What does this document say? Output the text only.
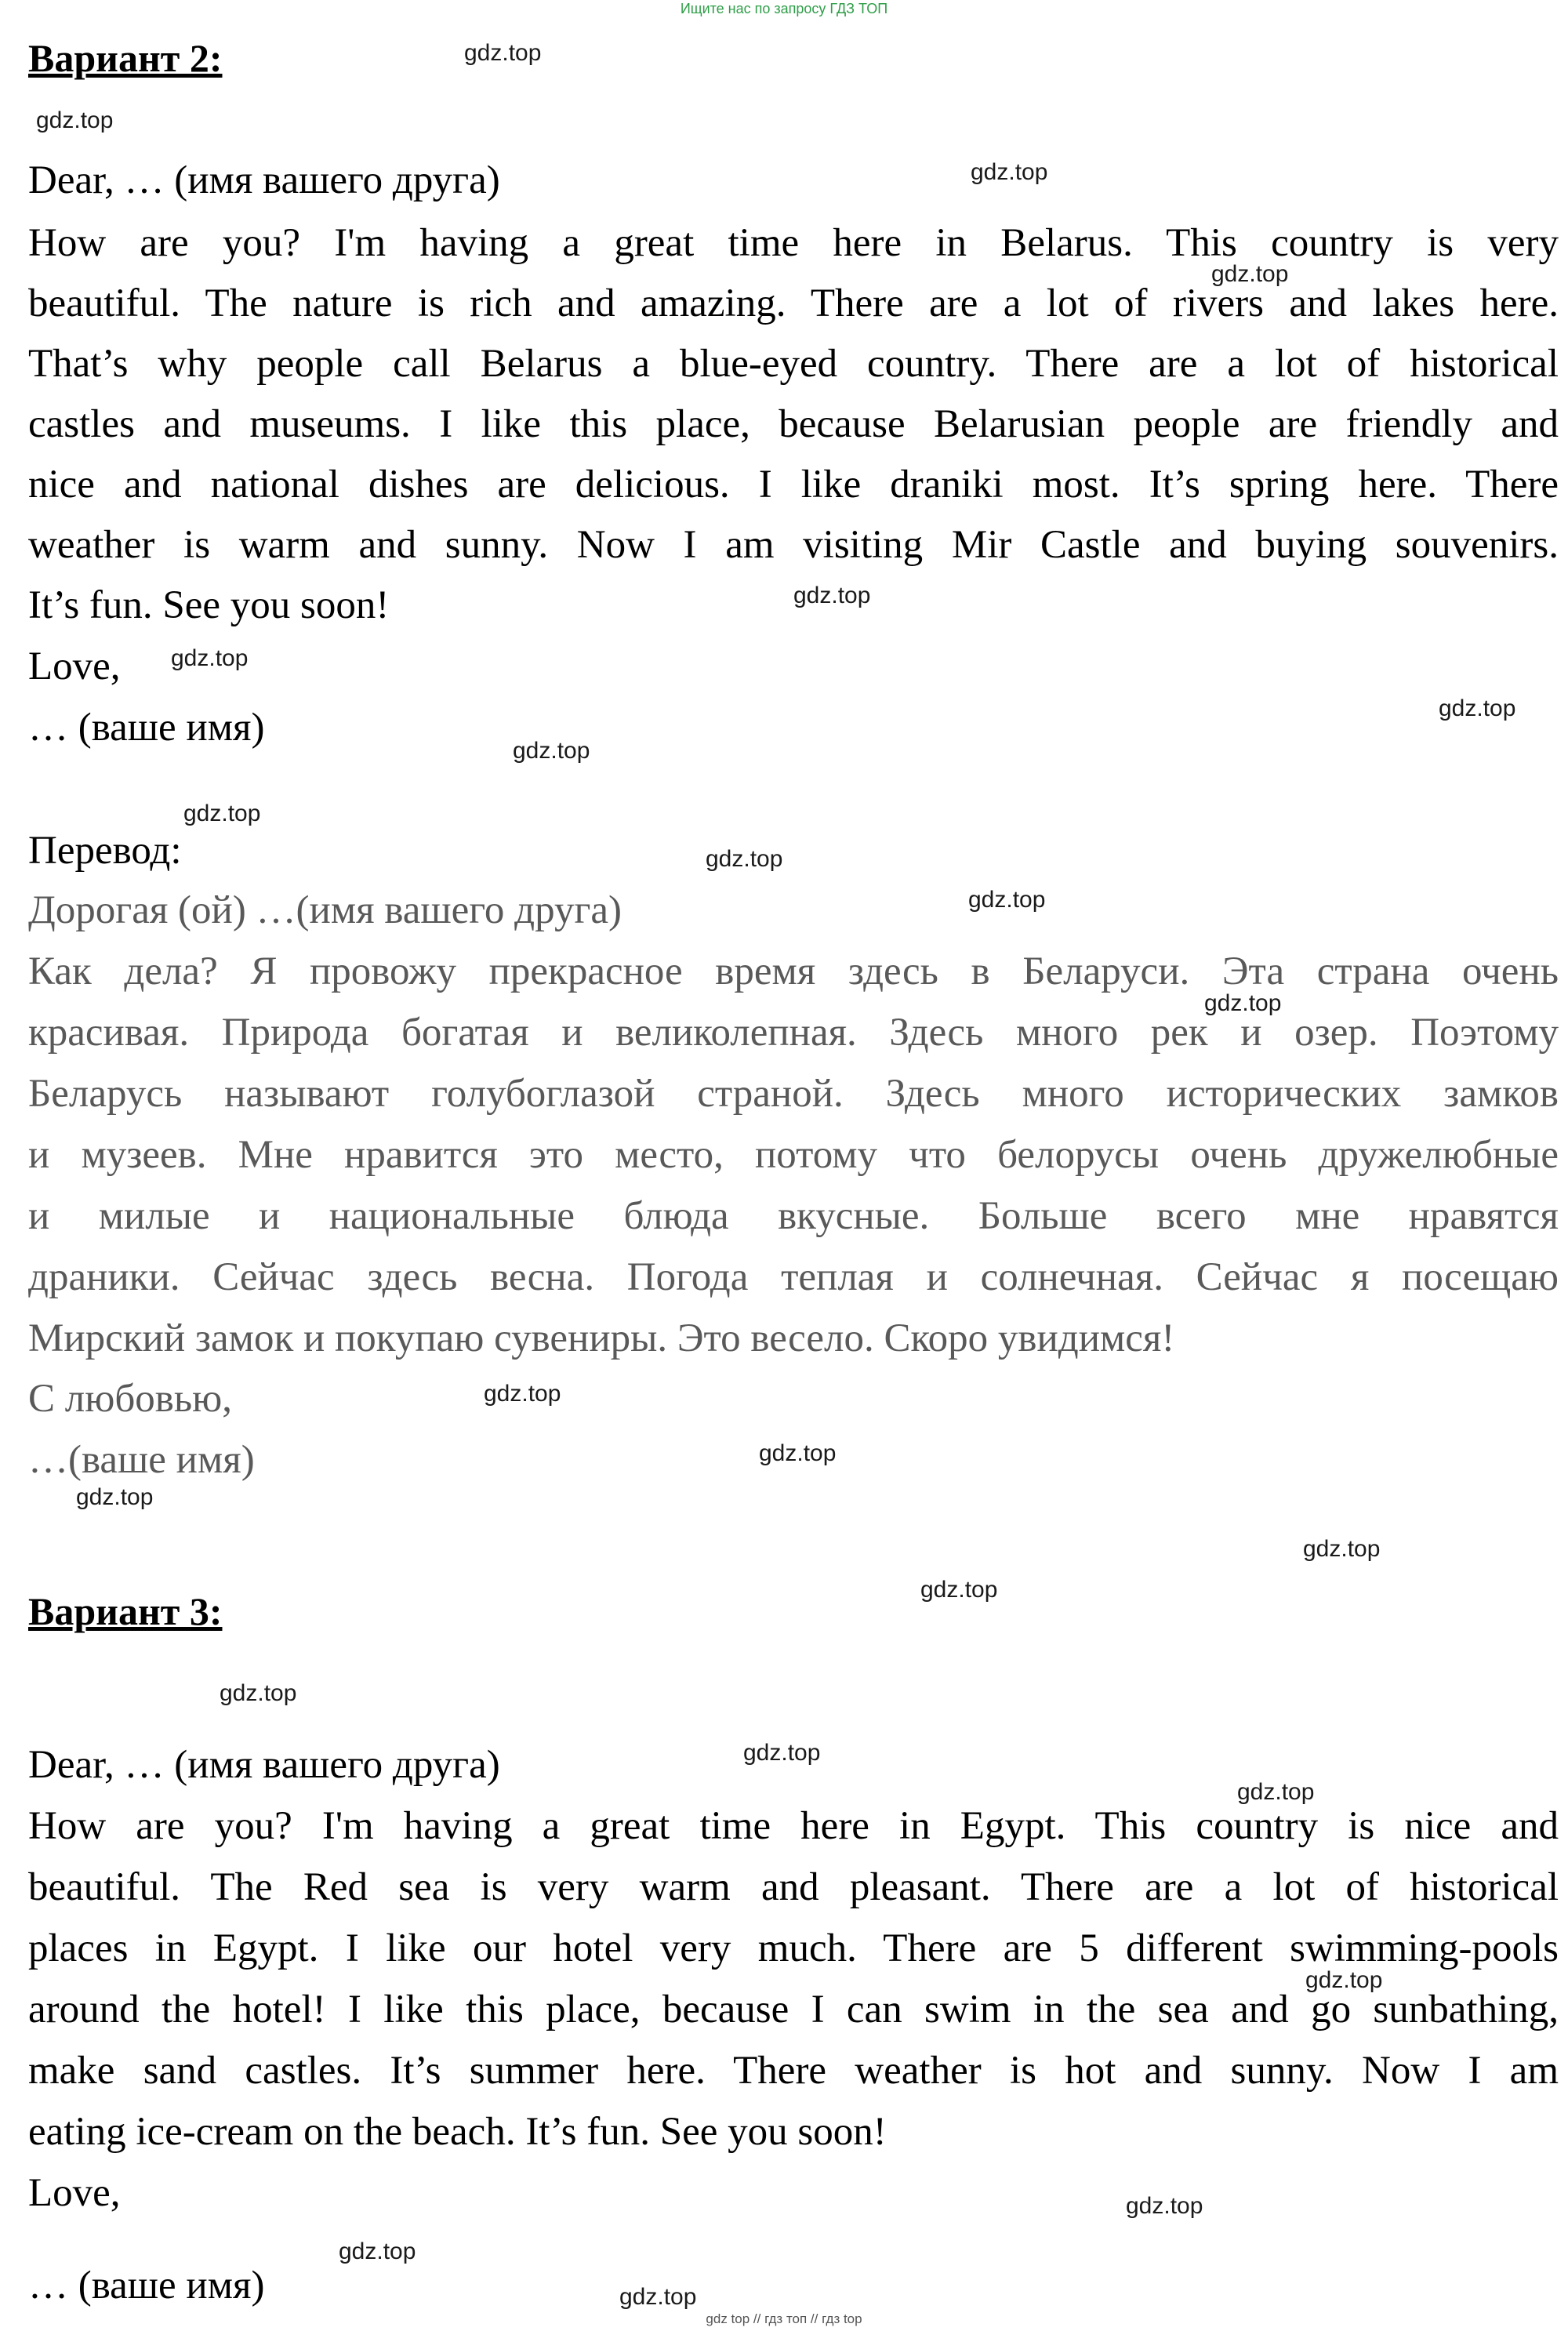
Ищите нас по запросу ГДЗ ТОП
Вариант 2:
Dear, … (имя вашего друга)
How are you? I'm having a great time here in Belarus. This country is very
beautiful. The nature is rich and amazing. There are a lot of rivers and lakes here.
That’s why people call Belarus a blue-eyed country. There are a lot of historical
castles and museums. I like this place, because Belarusian people are friendly and
nice and national dishes are delicious. I like draniki most. It’s spring here. There
weather is warm and sunny. Now I am visiting Mir Castle and buying souvenirs.
It’s fun. See you soon!
Love,
… (ваше имя)
Перевод:
Дорогая (ой) …(имя вашего друга)
Как дела? Я провожу прекрасное время здесь в Беларуси. Эта страна очень
красивая. Природа богатая и великолепная. Здесь много рек и озер. Поэтому
Беларусь называют голубоглазой страной. Здесь много исторических замков
и музеев. Мне нравится это место, потому что белорусы очень дружелюбные
и милые и национальные блюда вкусные. Больше всего мне нравятся
драники. Сейчас здесь весна. Погода теплая и солнечная. Сейчас я посещаю
Мирский замок и покупаю сувениры. Это весело. Скоро увидимся!
С любовью,
…(ваше имя)
Вариант 3:
Dear, … (имя вашего друга)
How are you? I'm having a great time here in Egypt. This country is nice and
beautiful. The Red sea is very warm and pleasant. There are a lot of historical
places in Egypt. I like our hotel very much. There are 5 different swimming-pools
around the hotel! I like this place, because I can swim in the sea and go sunbathing,
make sand castles. It’s summer here. There weather is hot and sunny. Now I am
eating ice-cream on the beach. It’s fun. See you soon!
Love,
… (ваше имя)
gdz.top
gdz.top
gdz.top
gdz.top
gdz.top
gdz.top
gdz.top
gdz.top
gdz.top
gdz.top
gdz.top
gdz.top
gdz.top
gdz.top
gdz.top
gdz.top
gdz.top
gdz.top
gdz.top
gdz.top
gdz.top
gdz.top
gdz.top
gdz.top
gdz top // гдз топ // гдз top
